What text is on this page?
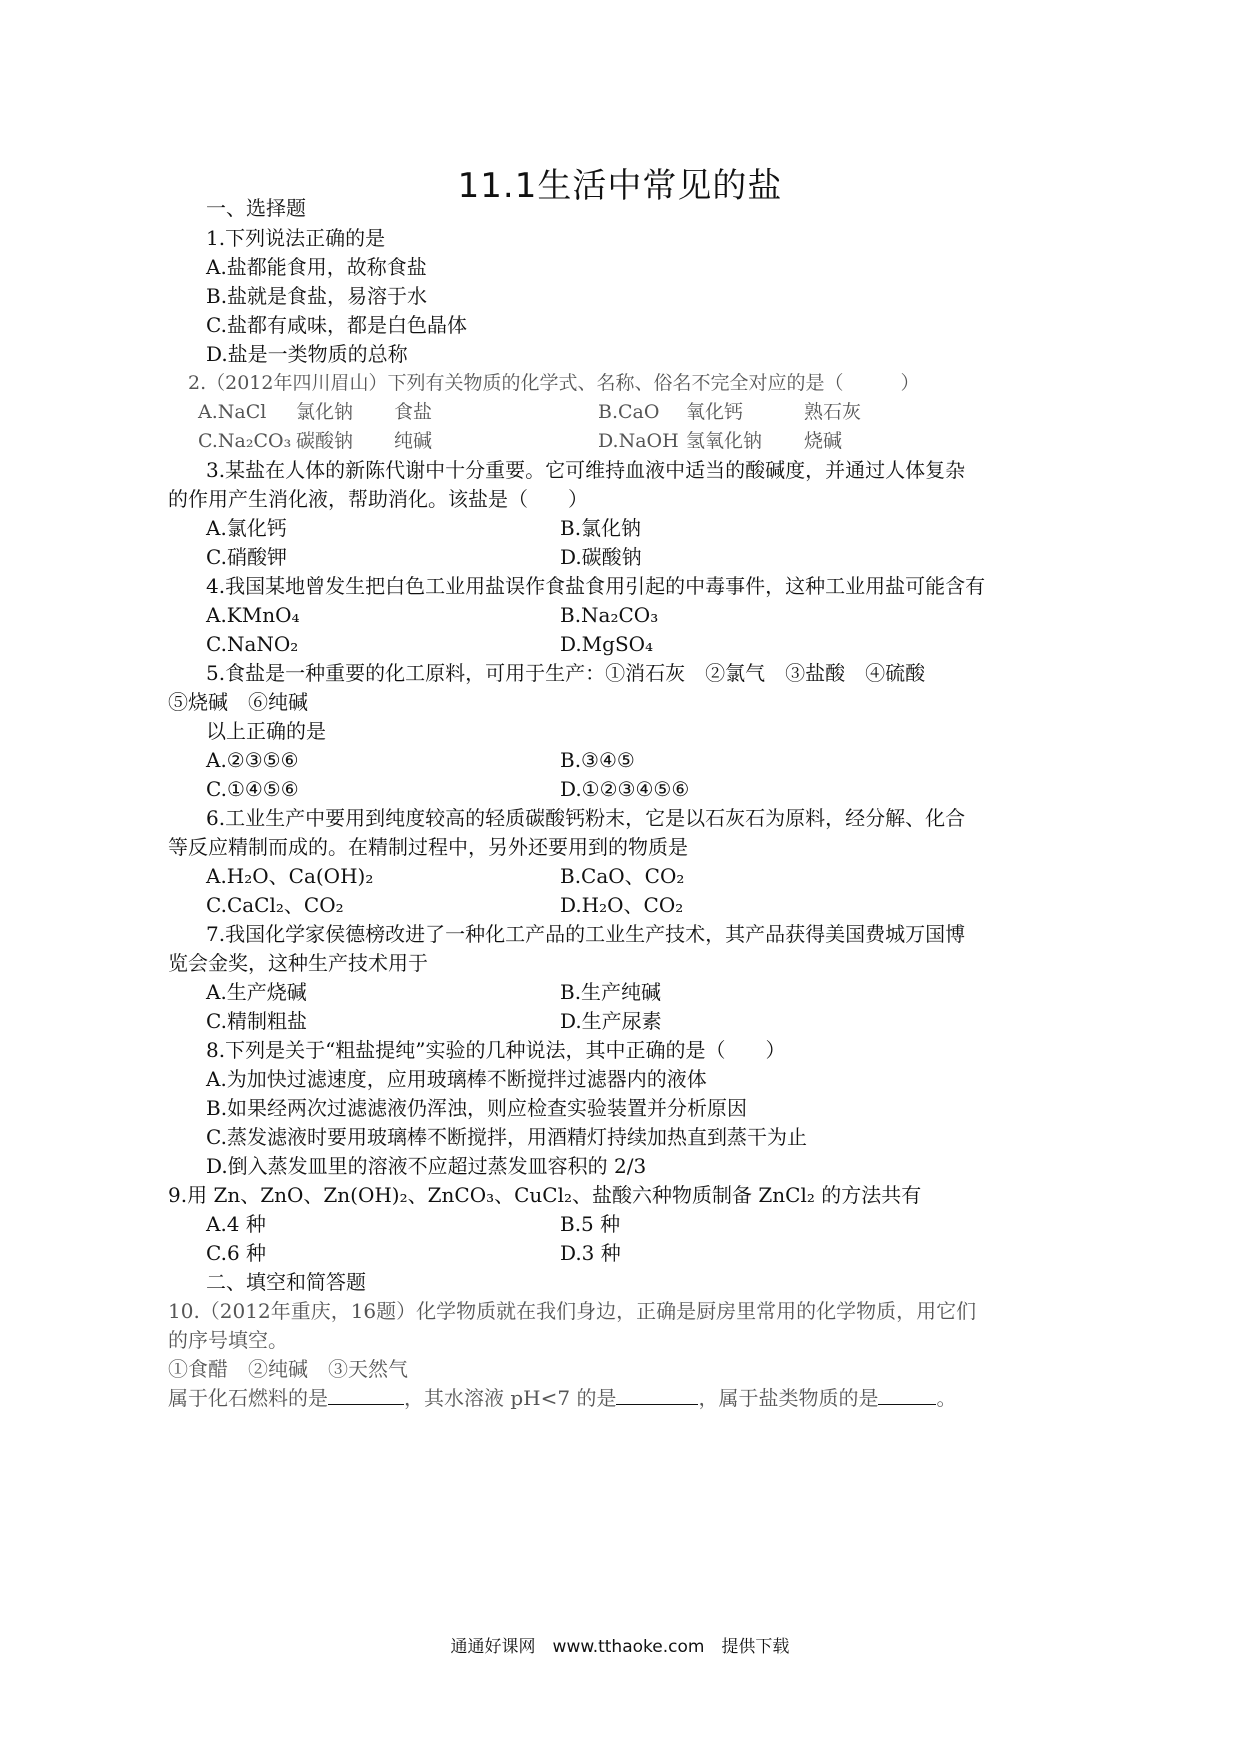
11.1生活中常见的盐
一、选择题
1.下列说法正确的是
A.盐都能食用，故称食盐
B.盐就是食盐，易溶于水
C.盐都有咸味，都是白色晶体
D.盐是一类物质的总称
2.（2012年四川眉山）下列有关物质的化学式、名称、俗名不完全对应的是（　　　）
A.NaCl 氯化钠 食盐	B.CaO 氧化钙	熟石灰
C.Na₂CO₃ 碳酸钠 纯碱	D.NaOH 氢氧化钠 烧碱
3.某盐在人体的新陈代谢中十分重要。它可维持血液中适当的酸碱度，并通过人体复杂
的作用产生消化液，帮助消化。该盐是（　　）
A.氯化钙	B.氯化钠
C.硝酸钾	D.碳酸钠
4.我国某地曾发生把白色工业用盐误作食盐食用引起的中毒事件，这种工业用盐可能含有
A.KMnO₄	B.Na₂CO₃
C.NaNO₂	D.MgSO₄
5.食盐是一种重要的化工原料，可用于生产：①消石灰　②氯气　③盐酸　④硫酸
⑤烧碱　⑥纯碱
以上正确的是
A.②③⑤⑥	B.③④⑤
C.①④⑤⑥	D.①②③④⑤⑥
6.工业生产中要用到纯度较高的轻质碳酸钙粉末，它是以石灰石为原料，经分解、化合
等反应精制而成的。在精制过程中，另外还要用到的物质是
A.H₂O、Ca(OH)₂	B.CaO、CO₂
C.CaCl₂、CO₂	D.H₂O、CO₂
7.我国化学家侯德榜改进了一种化工产品的工业生产技术，其产品获得美国费城万国博
览会金奖，这种生产技术用于
A.生产烧碱	B.生产纯碱
C.精制粗盐	D.生产尿素
8.下列是关于“粗盐提纯”实验的几种说法，其中正确的是（　　）
A.为加快过滤速度，应用玻璃棒不断搅拌过滤器内的液体
B.如果经两次过滤滤液仍浑浊，则应检查实验装置并分析原因
C.蒸发滤液时要用玻璃棒不断搅拌，用酒精灯持续加热直到蒸干为止
D.倒入蒸发皿里的溶液不应超过蒸发皿容积的 2/3
9.用 Zn、ZnO、Zn(OH)₂、ZnCO₃、CuCl₂、盐酸六种物质制备 ZnCl₂ 的方法共有
A.4 种	B.5 种
C.6 种	D.3 种
二、填空和简答题
10.（2012年重庆，16题）化学物质就在我们身边，正确是厨房里常用的化学物质，用它们
的序号填空。
①食醋　②纯碱　③天然气
属于化石燃料的是	，其水溶液 pH<7 的是	，属于盐类物质的是	。
通通好课网　www.tthaoke.com　提供下载
